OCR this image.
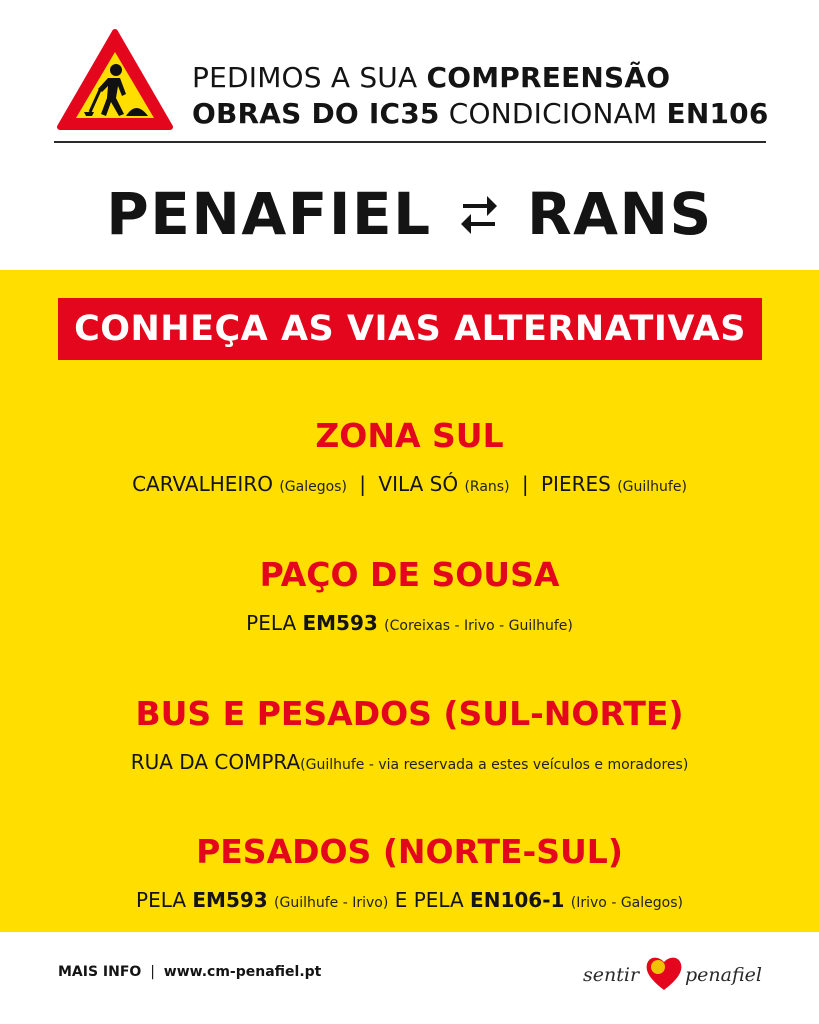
PEDIMOS A SUA COMPREENSÃO
OBRAS DO IC35 CONDICIONAM EN106
PENAFIEL RANS
CONHEÇA AS VIAS ALTERNATIVAS
ZONA SUL
CARVALHEIRO (Galegos) | VILA SÓ (Rans) | PIERES (Guilhufe)
PAÇO DE SOUSA
PELA EM593 (Coreixas - Irivo - Guilhufe)
BUS E PESADOS (SUL-NORTE)
RUA DA COMPRA(Guilhufe - via reservada a estes veículos e moradores)
PESADOS (NORTE-SUL)
PELA EM593 (Guilhufe - Irivo) E PELA EN106-1 (Irivo - Galegos)
MAIS INFO | www.cm-penafiel.pt	sentir penafiel
